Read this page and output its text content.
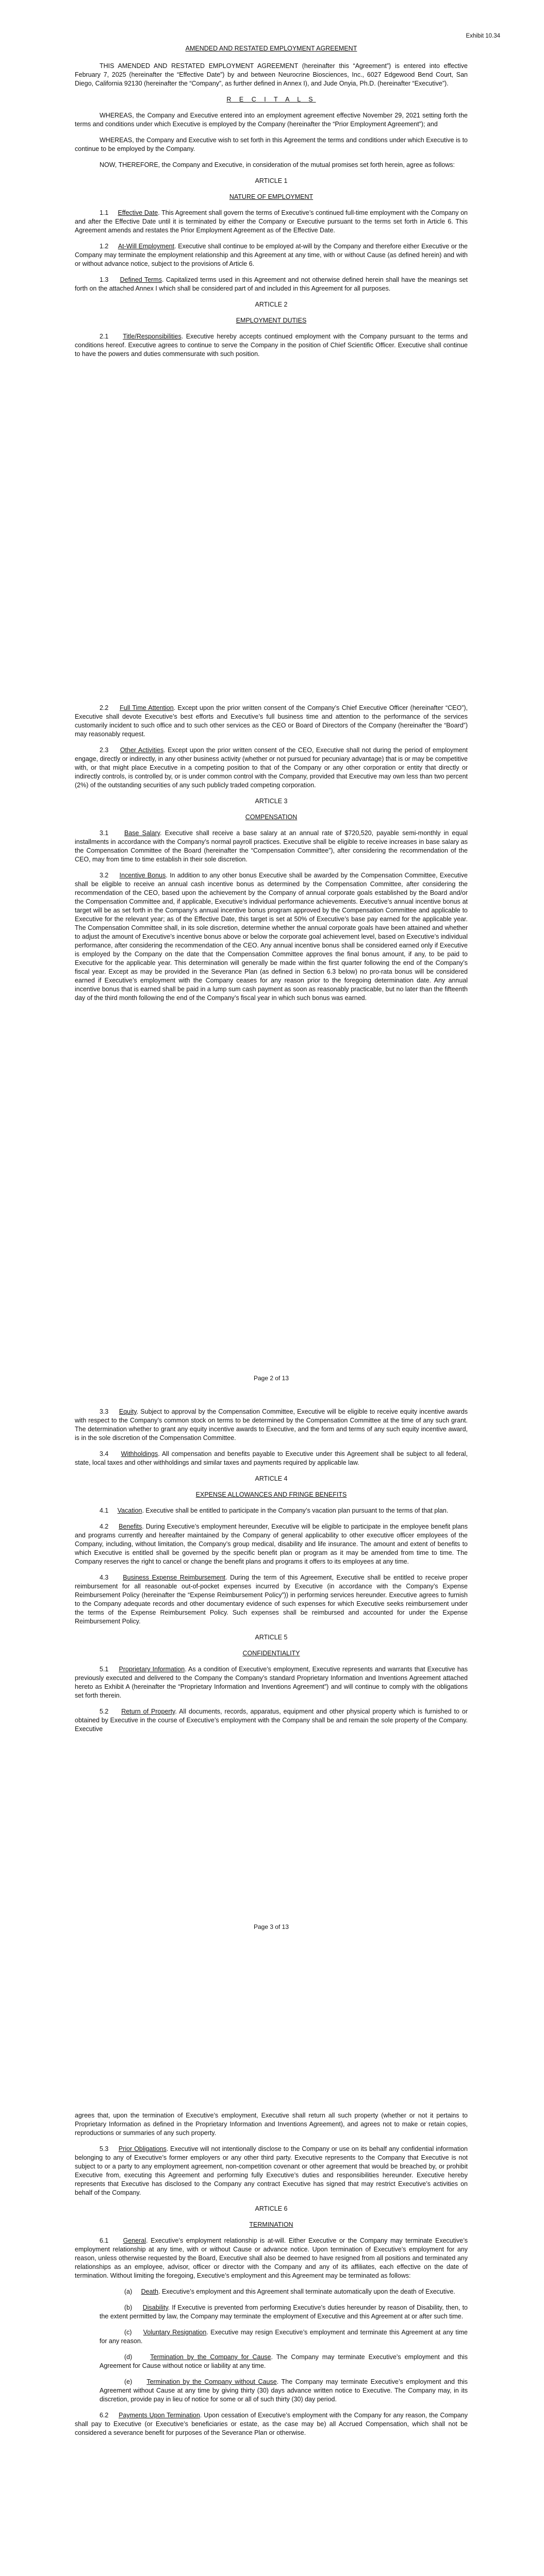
Exhibit 10.34

AMENDED AND RESTATED EMPLOYMENT AGREEMENT

THIS AMENDED AND RESTATED EMPLOYMENT AGREEMENT (hereinafter this “Agreement”) is entered into effective February 7, 2025 (hereinafter the “Effective Date”) by and between Neurocrine Biosciences, Inc., 6027 Edgewood Bend Court, San Diego, California 92130 (hereinafter the “Company”, as further defined in Annex I), and Jude Onyia, Ph.D. (hereinafter “Executive”).

R E C I T A L S

WHEREAS, the Company and Executive entered into an employment agreement effective November 29, 2021 setting forth the terms and conditions under which Executive is employed by the Company (hereinafter the “Prior Employment Agreement”); and

WHEREAS, the Company and Executive wish to set forth in this Agreement the terms and conditions under which Executive is to continue to be employed by the Company.

NOW, THEREFORE, the Company and Executive, in consideration of the mutual promises set forth herein, agree as follows:

ARTICLE 1

NATURE OF EMPLOYMENT

1.1 Effective Date. This Agreement shall govern the terms of Executive’s continued full-time employment with the Company on and after the Effective Date until it is terminated by either the Company or Executive pursuant to the terms set forth in Article 6. This Agreement amends and restates the Prior Employment Agreement as of the Effective Date.

1.2 At-Will Employment. Executive shall continue to be employed at-will by the Company and therefore either Executive or the Company may terminate the employment relationship and this Agreement at any time, with or without Cause (as defined herein) and with or without advance notice, subject to the provisions of Article 6.

1.3 Defined Terms. Capitalized terms used in this Agreement and not otherwise defined herein shall have the meanings set forth on the attached Annex I which shall be considered part of and included in this Agreement for all purposes.

ARTICLE 2

EMPLOYMENT DUTIES

2.1 Title/Responsibilities. Executive hereby accepts continued employment with the Company pursuant to the terms and conditions hereof. Executive agrees to continue to serve the Company in the position of Chief Scientific Officer. Executive shall continue to have the powers and duties commensurate with such position.

2.2 Full Time Attention. Except upon the prior written consent of the Company’s Chief Executive Officer (hereinafter “CEO”), Executive shall devote Executive’s best efforts and Executive’s full business time and attention to the performance of the services customarily incident to such office and to such other services as the CEO or Board of Directors of the Company (hereinafter the “Board”) may reasonably request.

2.3 Other Activities. Except upon the prior written consent of the CEO, Executive shall not during the period of employment engage, directly or indirectly, in any other business activity (whether or not pursued for pecuniary advantage) that is or may be competitive with, or that might place Executive in a competing position to that of the Company or any other corporation or entity that directly or indirectly controls, is controlled by, or is under common control with the Company, provided that Executive may own less than two percent (2%) of the outstanding securities of any such publicly traded competing corporation.

ARTICLE 3

COMPENSATION

3.1 Base Salary. Executive shall receive a base salary at an annual rate of $720,520, payable semi-monthly in equal installments in accordance with the Company’s normal payroll practices. Executive shall be eligible to receive increases in base salary as the Compensation Committee of the Board (hereinafter the “Compensation Committee”), after considering the recommendation of the CEO, may from time to time establish in their sole discretion.

3.2 Incentive Bonus. In addition to any other bonus Executive shall be awarded by the Compensation Committee, Executive shall be eligible to receive an annual cash incentive bonus as determined by the Compensation Committee, after considering the recommendation of the CEO, based upon the achievement by the Company of annual corporate goals established by the Board and/or the Compensation Committee and, if applicable, Executive’s individual performance achievements. Executive’s annual incentive bonus at target will be as set forth in the Company’s annual incentive bonus program approved by the Compensation Committee and applicable to Executive for the relevant year; as of the Effective Date, this target is set at 50% of Executive’s base pay earned for the applicable year. The Compensation Committee shall, in its sole discretion, determine whether the annual corporate goals have been attained and whether to adjust the amount of Executive’s incentive bonus above or below the corporate goal achievement level, based on Executive’s individual performance, after considering the recommendation of the CEO. Any annual incentive bonus shall be considered earned only if Executive is employed by the Company on the date that the Compensation Committee approves the final bonus amount, if any, to be paid to Executive for the applicable year. This determination will generally be made within the first quarter following the end of the Company’s fiscal year. Except as may be provided in the Severance Plan (as defined in Section 6.3 below) no pro-rata bonus will be considered earned if Executive’s employment with the Company ceases for any reason prior to the foregoing determination date. Any annual incentive bonus that is earned shall be paid in a lump sum cash payment as soon as reasonably practicable, but no later than the fifteenth day of the third month following the end of the Company’s fiscal year in which such bonus was earned.

Page 2 of 13

3.3 Equity. Subject to approval by the Compensation Committee, Executive will be eligible to receive equity incentive awards with respect to the Company’s common stock on terms to be determined by the Compensation Committee at the time of any such grant. The determination whether to grant any equity incentive awards to Executive, and the form and terms of any such equity incentive award, is in the sole discretion of the Compensation Committee.

3.4 Withholdings. All compensation and benefits payable to Executive under this Agreement shall be subject to all federal, state, local taxes and other withholdings and similar taxes and payments required by applicable law.

ARTICLE 4

EXPENSE ALLOWANCES AND FRINGE BENEFITS

4.1 Vacation. Executive shall be entitled to participate in the Company’s vacation plan pursuant to the terms of that plan.

4.2 Benefits. During Executive’s employment hereunder, Executive will be eligible to participate in the employee benefit plans and programs currently and hereafter maintained by the Company of general applicability to other executive officer employees of the Company, including, without limitation, the Company’s group medical, disability and life insurance. The amount and extent of benefits to which Executive is entitled shall be governed by the specific benefit plan or program as it may be amended from time to time. The Company reserves the right to cancel or change the benefit plans and programs it offers to its employees at any time.

4.3 Business Expense Reimbursement. During the term of this Agreement, Executive shall be entitled to receive proper reimbursement for all reasonable out-of-pocket expenses incurred by Executive (in accordance with the Company’s Expense Reimbursement Policy (hereinafter the “Expense Reimbursement Policy”)) in performing services hereunder. Executive agrees to furnish to the Company adequate records and other documentary evidence of such expenses for which Executive seeks reimbursement under the terms of the Expense Reimbursement Policy. Such expenses shall be reimbursed and accounted for under the Expense Reimbursement Policy.

ARTICLE 5

CONFIDENTIALITY

5.1 Proprietary Information. As a condition of Executive’s employment, Executive represents and warrants that Executive has previously executed and delivered to the Company the Company’s standard Proprietary Information and Inventions Agreement attached hereto as Exhibit A (hereinafter the “Proprietary Information and Inventions Agreement”) and will continue to comply with the obligations set forth therein.

5.2 Return of Property. All documents, records, apparatus, equipment and other physical property which is furnished to or obtained by Executive in the course of Executive’s employment with the Company shall be and remain the sole property of the Company. Executive

Page 3 of 13

agrees that, upon the termination of Executive’s employment, Executive shall return all such property (whether or not it pertains to Proprietary Information as defined in the Proprietary Information and Inventions Agreement), and agrees not to make or retain copies, reproductions or summaries of any such property.

5.3 Prior Obligations. Executive will not intentionally disclose to the Company or use on its behalf any confidential information belonging to any of Executive’s former employers or any other third party. Executive represents to the Company that Executive is not subject to or a party to any employment agreement, non-competition covenant or other agreement that would be breached by, or prohibit Executive from, executing this Agreement and performing fully Executive’s duties and responsibilities hereunder. Executive hereby represents that Executive has disclosed to the Company any contract Executive has signed that may restrict Executive’s activities on behalf of the Company.

ARTICLE 6

TERMINATION

6.1 General. Executive’s employment relationship is at-will. Either Executive or the Company may terminate Executive’s employment relationship at any time, with or without Cause or advance notice. Upon termination of Executive’s employment for any reason, unless otherwise requested by the Board, Executive shall also be deemed to have resigned from all positions and terminated any relationships as an employee, advisor, officer or director with the Company and any of its affiliates, each effective on the date of termination. Without limiting the foregoing, Executive’s employment and this Agreement may be terminated as follows:

(a) Death. Executive’s employment and this Agreement shall terminate automatically upon the death of Executive.

(b) Disability. If Executive is prevented from performing Executive’s duties hereunder by reason of Disability, then, to the extent permitted by law, the Company may terminate the employment of Executive and this Agreement at or after such time.

(c) Voluntary Resignation. Executive may resign Executive’s employment and terminate this Agreement at any time for any reason.

(d)	Termination by the Company for Cause. The Company may terminate Executive’s employment and this Agreement for Cause without notice or liability at any time.

(e) Termination by the Company without Cause. The Company may terminate Executive’s employment and this Agreement without Cause at any time by giving thirty (30) days advance written notice to Executive. The Company may, in its discretion, provide pay in lieu of notice for some or all of such thirty (30) day period.

6.2 Payments Upon Termination. Upon cessation of Executive’s employment with the Company for any reason, the Company shall pay to Executive (or Executive’s beneficiaries or estate, as the case may be) all Accrued Compensation, which shall not be considered a severance benefit for purposes of the Severance Plan or otherwise.
